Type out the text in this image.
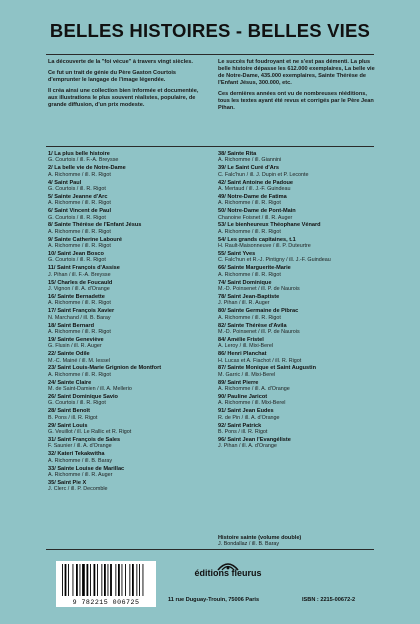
BELLES HISTOIRES - BELLES VIES

La découverte de la "foi vécue" à travers vingt siècles.

Ce fut un trait de génie du Père Gaston Courtois d'emprunter le langage de l'image légendée.

Il créa ainsi une collection bien informée et documentée, aux illustrations le plus souvent réalistes, populaire, de grande diffusion, d'un prix modeste.

Le succès fut foudroyant et ne s'est pas démenti. La plus belle histoire dépasse les 612.000 exemplaires, La belle vie de Notre-Dame, 435.000 exemplaires, Sainte Thérèse de l'Enfant Jésus, 300.000, etc.

Ces dernières années ont vu de nombreuses rééditions, tous les textes ayant été revus et corrigés par le Père Jean Pihan.

1/ La plus belle histoire
G. Courtois / ill. F.-A. Breysse
2/ La belle vie de Notre-Dame
A. Richomme / ill. R. Rigot
4/ Saint Paul
G. Courtois / ill. R. Rigot
5/ Sainte Jeanne d'Arc
A. Richomme / ill. R. Rigot
6/ Saint Vincent de Paul
G. Courtois / ill. R. Rigot
8/ Sainte Thérèse de l'Enfant Jésus
A. Richomme / ill. R. Rigot
9/ Sainte Catherine Labouré
A. Richomme / ill. R. Rigot
10/ Saint Jean Bosco
G. Courtois / ill. R. Rigot
11/ Saint François d'Assise
J. Pihan / ill. F.-A. Breysse
15/ Charles de Foucauld
J. Vignon / ill. A. d'Orange
16/ Sainte Bernadette
A. Richomme / ill. R. Rigot
17/ Saint François Xavier
N. Marchand / ill. B. Baray
18/ Saint Bernard
A. Richomme / ill. R. Rigot
19/ Sainte Geneviève
G. Flusin / ill. R. Auger
22/ Sainte Odile
M.-C. Mainé / ill. M. Iessel
23/ Saint Louis-Marie Grignion de Montfort
A. Richomme / ill. R. Rigot
24/ Sainte Claire
M. de Saint-Damien / ill. A. Mellerio
26/ Saint Dominique Savio
G. Courtois / ill. R. Rigot
28/ Saint Benoît
B. Pons / ill. R. Rigot
29/ Saint Louis
G. Veuillot / ill. Le Rallic et R. Rigot
31/ Saint François de Sales
F. Saunier / ill. A. d'Orange
32/ Kateri Tekakwitha
A. Richomme / ill. B. Baray
33/ Sainte Louise de Marillac
A. Richomme / ill. R. Auger
35/ Saint Pie X
J. Clerc / ill. P. Decomble
38/ Sainte Rita
A. Richomme / ill. Giannini
39/ Le Saint Curé d'Ars
C. Falc'hun / ill. J. Dupin et P. Leconte
42/ Saint Antoine de Padoue
A. Mertaud / ill. J.-F. Guindeau
49/ Notre-Dame de Fatima
A. Richomme / ill. R. Rigot
50/ Notre-Dame de Pont-Main
Chanoine Foisnet / ill. R. Auger
53/ Le bienheureux Théophane Vénard
A. Richomme / ill. R. Rigot
54/ Les grands capitaines, t.1
H. Rault-Maisonneuve / ill. P. Duteurtre
55/ Saint Yves
C. Falc'hun et R.-J. Pintigny / ill. J.-F. Guindeau
66/ Sainte Marguerite-Marie
A. Richomme / ill. R. Rigot
74/ Saint Dominique
M.-D. Poinsenet / ill. P. de Naurois
78/ Saint Jean-Baptiste
J. Pihan / ill. R. Auger
80/ Sainte Germaine de Pibrac
A. Richomme / ill. R. Rigot
82/ Sainte Thérèse d'Avila
M.-D. Poinsenet / ill. P. de Naurois
84/ Amélie Fristel
A. Leroy / ill. Mixi-Berel
86/ Henri Planchat
H. Lucas et A. Fiachot / ill. R. Rigot
87/ Sainte Monique et Saint Augustin
M. Garric / ill. Mixi-Berel
89/ Saint Pierre
A. Richomme / ill. A. d'Orange
90/ Pauline Jaricot
A. Richomme / ill. Mixi-Berel
91/ Saint Jean Eudes
R. de Pin / ill. A. d'Orange
92/ Saint Patrick
B. Pons / ill. R. Rigot
96/ Saint Jean l'Evangéliste
J. Pihan / ill. A. d'Orange
Histoire sainte (volume double)
J. Bondallaz / ill. B. Baray
9 782215 006725
éditions fleurus
11 rue Duguay-Trouin, 75006 Paris	ISBN : 2215-00672-2
